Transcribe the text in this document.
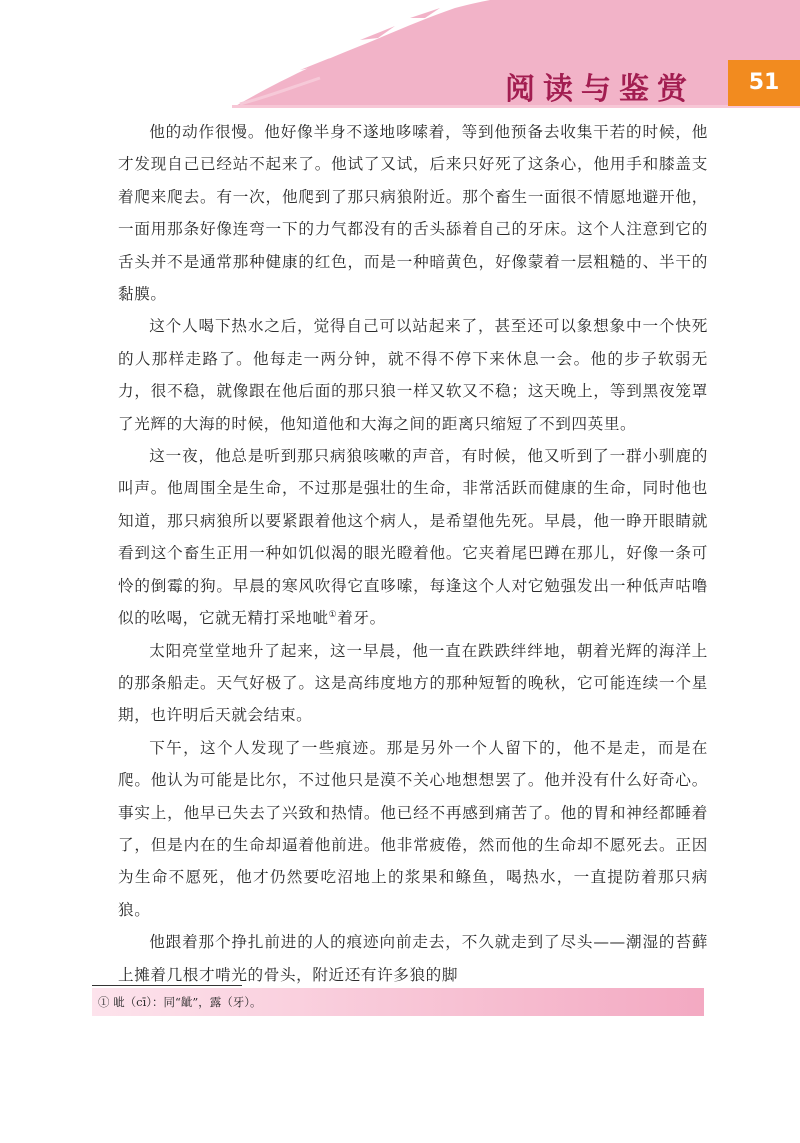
阅读与鉴赏	51

他的动作很慢。他好像半身不遂地哆嗦着，等到他预备去收集干若的时候，他才发现自己已经站不起来了。他试了又试，后来只好死了这条心，他用手和膝盖支着爬来爬去。有一次，他爬到了那只病狼附近。那个畜生一面很不情愿地避开他，一面用那条好像连弯一下的力气都没有的舌头舔着自己的牙床。这个人注意到它的舌头并不是通常那种健康的红色，而是一种暗黄色，好像蒙着一层粗糙的、半干的黏膜。

这个人喝下热水之后，觉得自己可以站起来了，甚至还可以象想象中一个快死的人那样走路了。他每走一两分钟，就不得不停下来休息一会。他的步子软弱无力，很不稳，就像跟在他后面的那只狼一样又软又不稳；这天晚上，等到黑夜笼罩了光辉的大海的时候，他知道他和大海之间的距离只缩短了不到四英里。

这一夜，他总是听到那只病狼咳嗽的声音，有时候，他又听到了一群小驯鹿的叫声。他周围全是生命，不过那是强壮的生命，非常活跃而健康的生命，同时他也知道，那只病狼所以要紧跟着他这个病人，是希望他先死。早晨，他一睁开眼睛就看到这个畜生正用一种如饥似渴的眼光瞪着他。它夹着尾巴蹲在那儿，好像一条可怜的倒霉的狗。早晨的寒风吹得它直哆嗦，每逢这个人对它勉强发出一种低声咕噜似的吆喝，它就无精打采地呲①着牙。

太阳亮堂堂地升了起来，这一早晨，他一直在跌跌绊绊地，朝着光辉的海洋上的那条船走。天气好极了。这是高纬度地方的那种短暂的晚秋，它可能连续一个星期，也许明后天就会结束。

下午，这个人发现了一些痕迹。那是另外一个人留下的，他不是走，而是在爬。他认为可能是比尔，不过他只是漠不关心地想想罢了。他并没有什么好奇心。事实上，他早已失去了兴致和热情。他已经不再感到痛苦了。他的胃和神经都睡着了，但是内在的生命却逼着他前进。他非常疲倦，然而他的生命却不愿死去。正因为生命不愿死，他才仍然要吃沼地上的浆果和鲦鱼，喝热水，一直提防着那只病狼。

他跟着那个挣扎前进的人的痕迹向前走去，不久就走到了尽头——潮湿的苔藓上摊着几根才啃光的骨头，附近还有许多狼的脚

① 呲（cī）：同“龇”，露（牙）。
